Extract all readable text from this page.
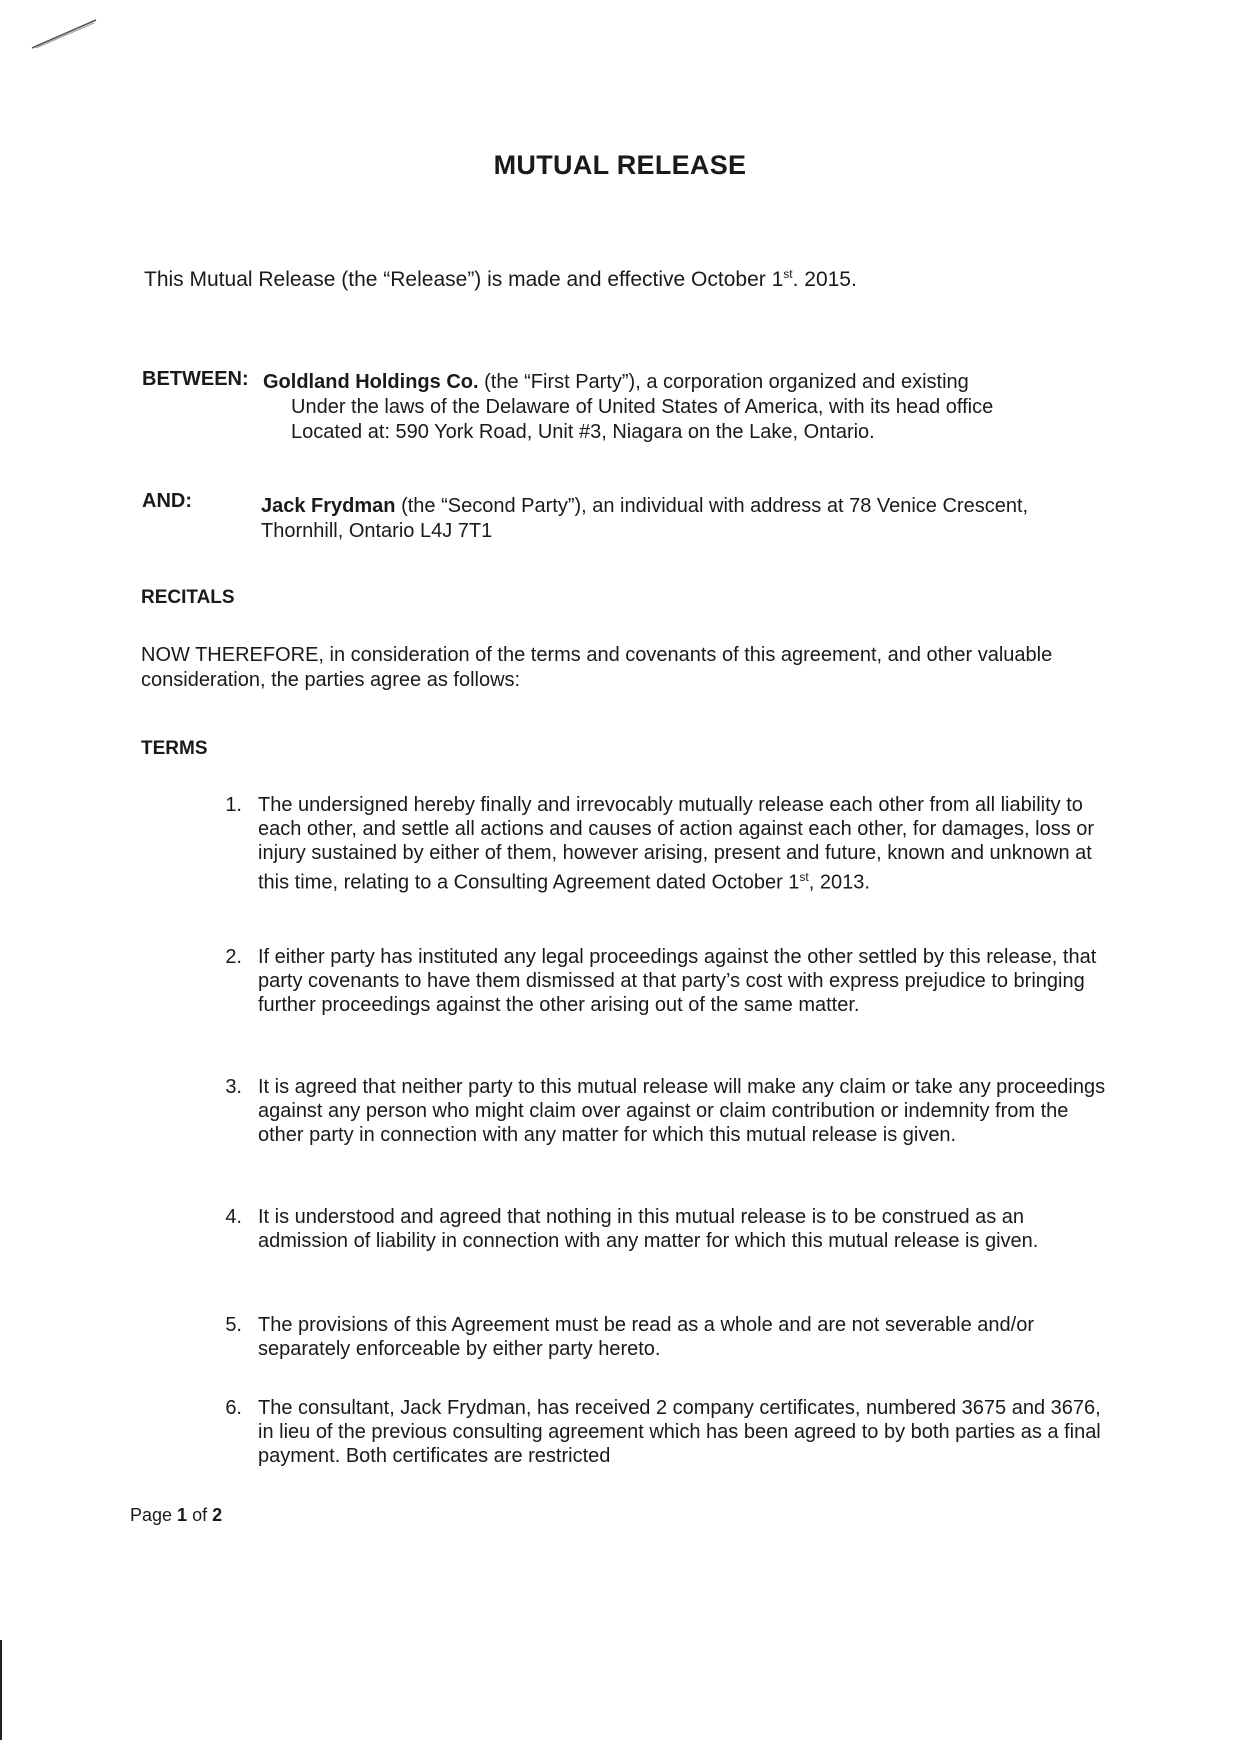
MUTUAL RELEASE
This Mutual Release (the “Release”) is made and effective October 1st. 2015.
BETWEEN: Goldland Holdings Co. (the “First Party”), a corporation organized and existing
Under the laws of the Delaware of United States of America, with its head office
Located at: 590 York Road, Unit #3, Niagara on the Lake, Ontario.
AND:	Jack Frydman (the “Second Party”), an individual with address at 78 Venice Crescent, Thornhill, Ontario L4J 7T1
RECITALS
NOW THEREFORE, in consideration of the terms and covenants of this agreement, and other valuable consideration, the parties agree as follows:
TERMS
1. The undersigned hereby finally and irrevocably mutually release each other from all liability to each other, and settle all actions and causes of action against each other, for damages, loss or injury sustained by either of them, however arising, present and future, known and unknown at this time, relating to a Consulting Agreement dated October 1st, 2013.
2. If either party has instituted any legal proceedings against the other settled by this release, that party covenants to have them dismissed at that party’s cost with express prejudice to bringing further proceedings against the other arising out of the same matter.
3. It is agreed that neither party to this mutual release will make any claim or take any proceedings against any person who might claim over against or claim contribution or indemnity from the other party in connection with any matter for which this mutual release is given.
4. It is understood and agreed that nothing in this mutual release is to be construed as an admission of liability in connection with any matter for which this mutual release is given.
5. The provisions of this Agreement must be read as a whole and are not severable and/or separately enforceable by either party hereto.
6. The consultant, Jack Frydman, has received 2 company certificates, numbered 3675 and 3676, in lieu of the previous consulting agreement which has been agreed to by both parties as a final payment. Both certificates are restricted
Page 1 of 2
